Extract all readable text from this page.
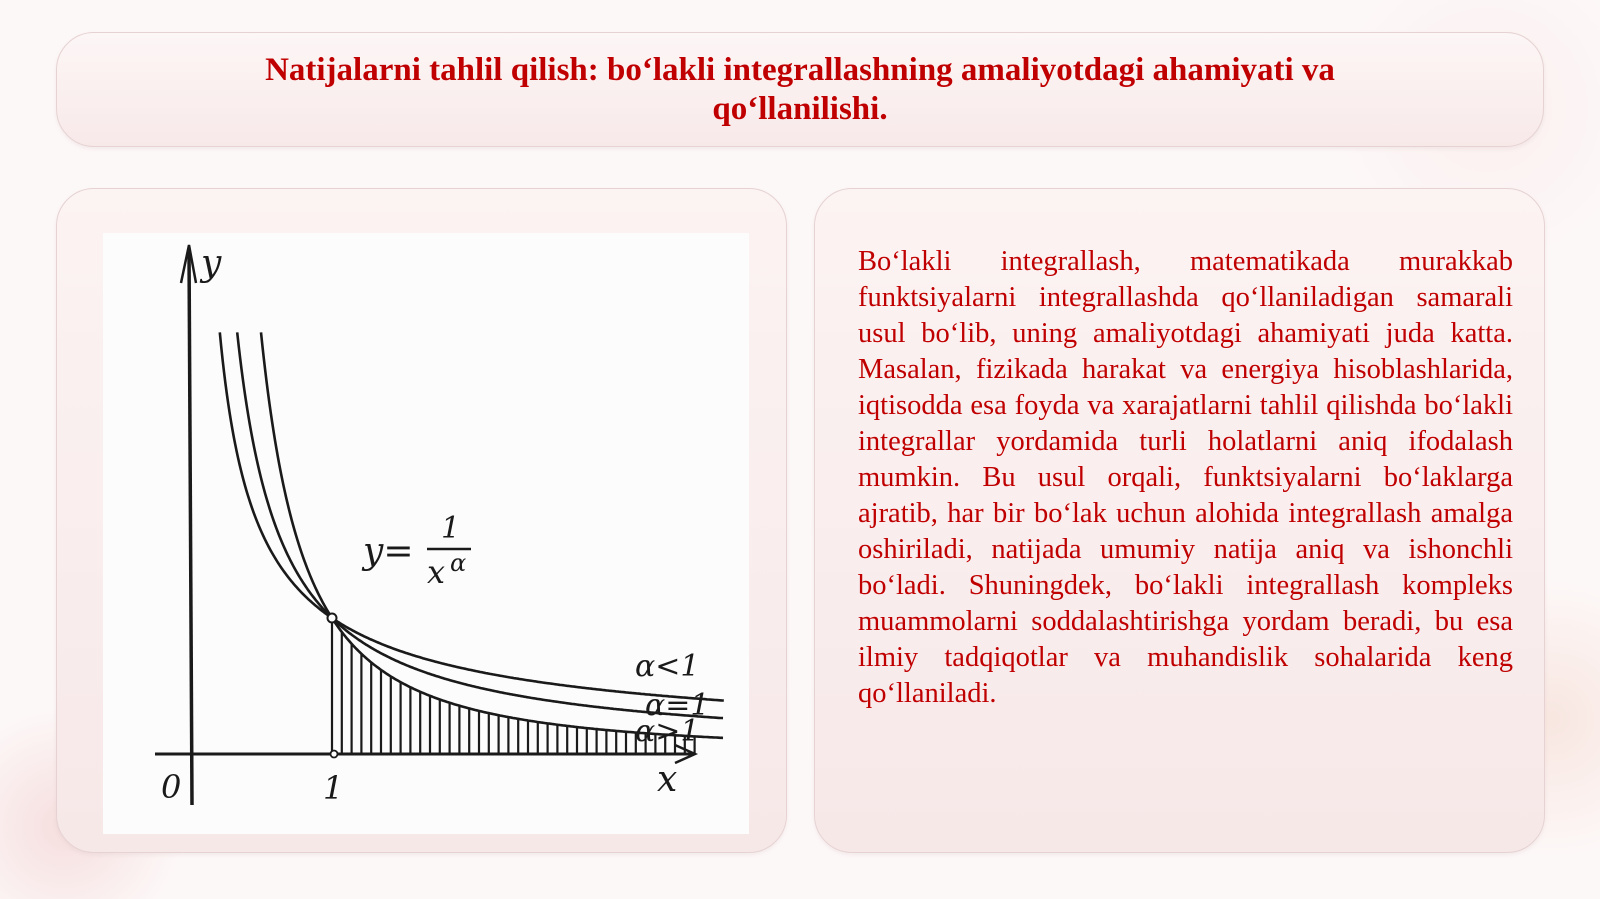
Natijalarni tahlil qilish: bo‘lakli integrallashning amaliyotdagi ahamiyati va qo‘llanilishi.
y
x
0	1
y=
1
x α
α<1
α=1
α>1

Bo‘lakli integrallash, matematikada murakkab funktsiyalarni integrallashda qo‘llaniladigan samarali usul bo‘lib, uning amaliyotdagi ahamiyati juda katta. Masalan, fizikada harakat va energiya hisoblashlarida, iqtisodda esa foyda va xarajatlarni tahlil qilishda bo‘lakli integrallar yordamida turli holatlarni aniq ifodalash mumkin. Bu usul orqali, funktsiyalarni bo‘laklarga ajratib, har bir bo‘lak uchun alohida integrallash amalga oshiriladi, natijada umumiy natija aniq va ishonchli bo‘ladi. Shuningdek, bo‘lakli integrallash kompleks muammolarni soddalashtirishga yordam beradi, bu esa ilmiy tadqiqotlar va muhandislik sohalarida keng qo‘llaniladi.
